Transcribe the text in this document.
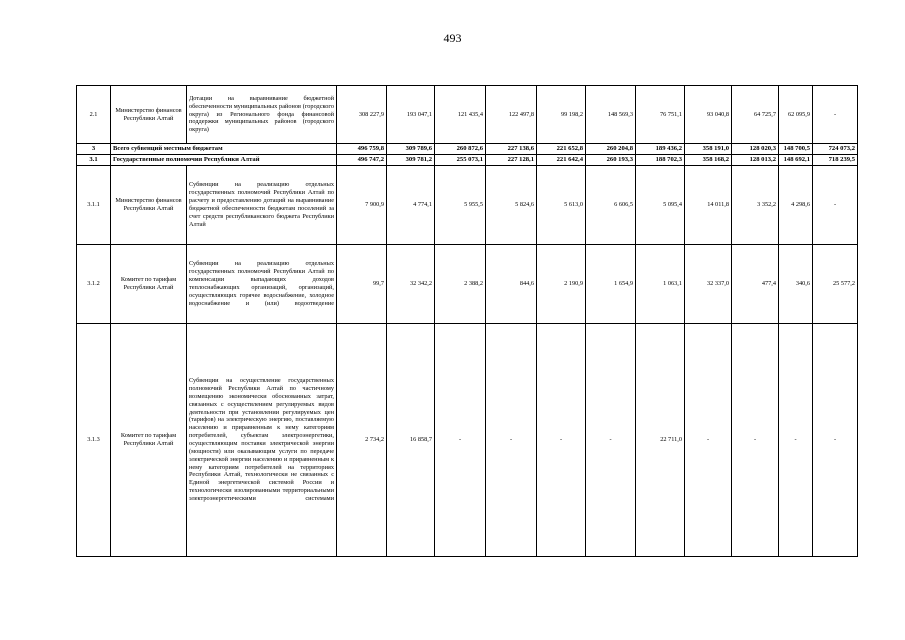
493
2.1	Министерство финансов Республики Алтай	Дотации на выравнивание бюджетной обеспеченности муниципальных районов (городского округа) из Регионального фонда финансовой поддержки муниципальных районов (городского округа)	308 227,9	193 047,1	121 435,4	122 497,8	99 198,2	148 569,3	76 751,1	93 040,8	64 725,7	62 095,9	-
3	Всего субвенций местным бюджетам		496 759,8	309 789,6	260 872,6	227 138,6	221 652,8	260 204,8	189 436,2	358 191,0	128 020,3	148 700,5	724 073,2
3.1	Государственные полномочия Республики Алтай		496 747,2	309 781,2	255 073,1	227 128,1	221 642,4	260 193,3	188 702,3	358 168,2	128 013,2	148 692,1	718 239,5
3.1.1	Министерство финансов Республики Алтай	Субвенции на реализацию отдельных государственных полномочий Республики Алтай по расчету и предоставлению дотаций на выравнивание бюджетной обеспеченности бюджетам поселений за счет средств республиканского бюджета Республики Алтай	7 900,9	4 774,1	5 955,5	5 824,6	5 613,0	6 606,5	5 095,4	14 011,8	3 352,2	4 298,6	-
3.1.2	Комитет по тарифам Республики Алтай	Субвенции на реализацию отдельных государственных полномочий Республики Алтай по компенсации выпадающих доходов теплоснабжающих организаций, организаций, осуществляющих горячее водоснабжение, холодное водоснабжение и (или) водоотведение	99,7	32 342,2	2 388,2	844,6	2 190,9	1 654,9	1 063,1	32 337,0	477,4	340,6	25 577,2
3.1.3	Комитет по тарифам Республики Алтай	Субвенции на осуществление государственных полномочий Республики Алтай по частичному возмещению экономически обоснованных затрат, связанных с осуществлением регулируемых видов деятельности при установлении регулируемых цен (тарифов) на электрическую энергию, поставляемую населению и приравненным к нему категориям потребителей, субъектам электроэнергетики, осуществляющим поставки электрической энергии (мощности) или оказывающим услуги по передаче электрической энергии населению и приравненным к нему категориям потребителей на территориях Республики Алтай, технологически не связанных с Единой энергетической системой России и технологически изолированными территориальными электроэнергетическими системами	2 734,2	16 858,7	-	-	-	-	22 711,0	-	-	-	-
